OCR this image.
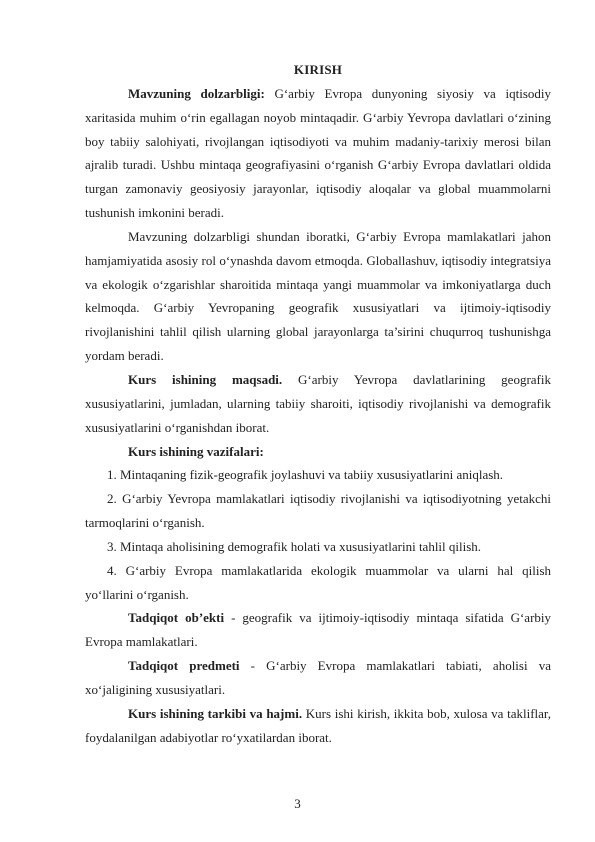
KIRISH

Mavzuning dolzarbligi: G‘arbiy Evropa dunyoning siyosiy va iqtisodiy xaritasida muhim o‘rin egallagan noyob mintaqadir. G‘arbiy Yevropa davlatlari o‘zining boy tabiiy salohiyati, rivojlangan iqtisodiyoti va muhim madaniy-tarixiy merosi bilan ajralib turadi. Ushbu mintaqa geografiyasini o‘rganish G‘arbiy Evropa davlatlari oldida turgan zamonaviy geosiyosiy jarayonlar, iqtisodiy aloqalar va global muammolarni tushunish imkonini beradi.

Mavzuning dolzarbligi shundan iboratki, G‘arbiy Evropa mamlakatlari jahon hamjamiyatida asosiy rol o‘ynashda davom etmoqda. Globallashuv, iqtisodiy integratsiya va ekologik o‘zgarishlar sharoitida mintaqa yangi muammolar va imkoniyatlarga duch kelmoqda. G‘arbiy Yevropaning geografik xususiyatlari va ijtimoiy-iqtisodiy rivojlanishini tahlil qilish ularning global jarayonlarga ta’sirini chuqurroq tushunishga yordam beradi.

Kurs ishining maqsadi. G‘arbiy Yevropa davlatlarining geografik xususiyatlarini, jumladan, ularning tabiiy sharoiti, iqtisodiy rivojlanishi va demografik xususiyatlarini o‘rganishdan iborat.

Kurs ishining vazifalari:

1. Mintaqaning fizik-geografik joylashuvi va tabiiy xususiyatlarini aniqlash.
2. G‘arbiy Yevropa mamlakatlari iqtisodiy rivojlanishi va iqtisodiyotning yetakchi tarmoqlarini o‘rganish.
3. Mintaqa aholisining demografik holati va xususiyatlarini tahlil qilish.
4. G‘arbiy Evropa mamlakatlarida ekologik muammolar va ularni hal qilish yo‘llarini o‘rganish.

Tadqiqot ob’ekti - geografik va ijtimoiy-iqtisodiy mintaqa sifatida G‘arbiy Evropa mamlakatlari.

Tadqiqot predmeti - G‘arbiy Evropa mamlakatlari tabiati, aholisi va xo‘jaligining xususiyatlari.

Kurs ishining tarkibi va hajmi. Kurs ishi kirish, ikkita bob, xulosa va takliflar, foydalanilgan adabiyotlar ro‘yxatilardan iborat.

3
